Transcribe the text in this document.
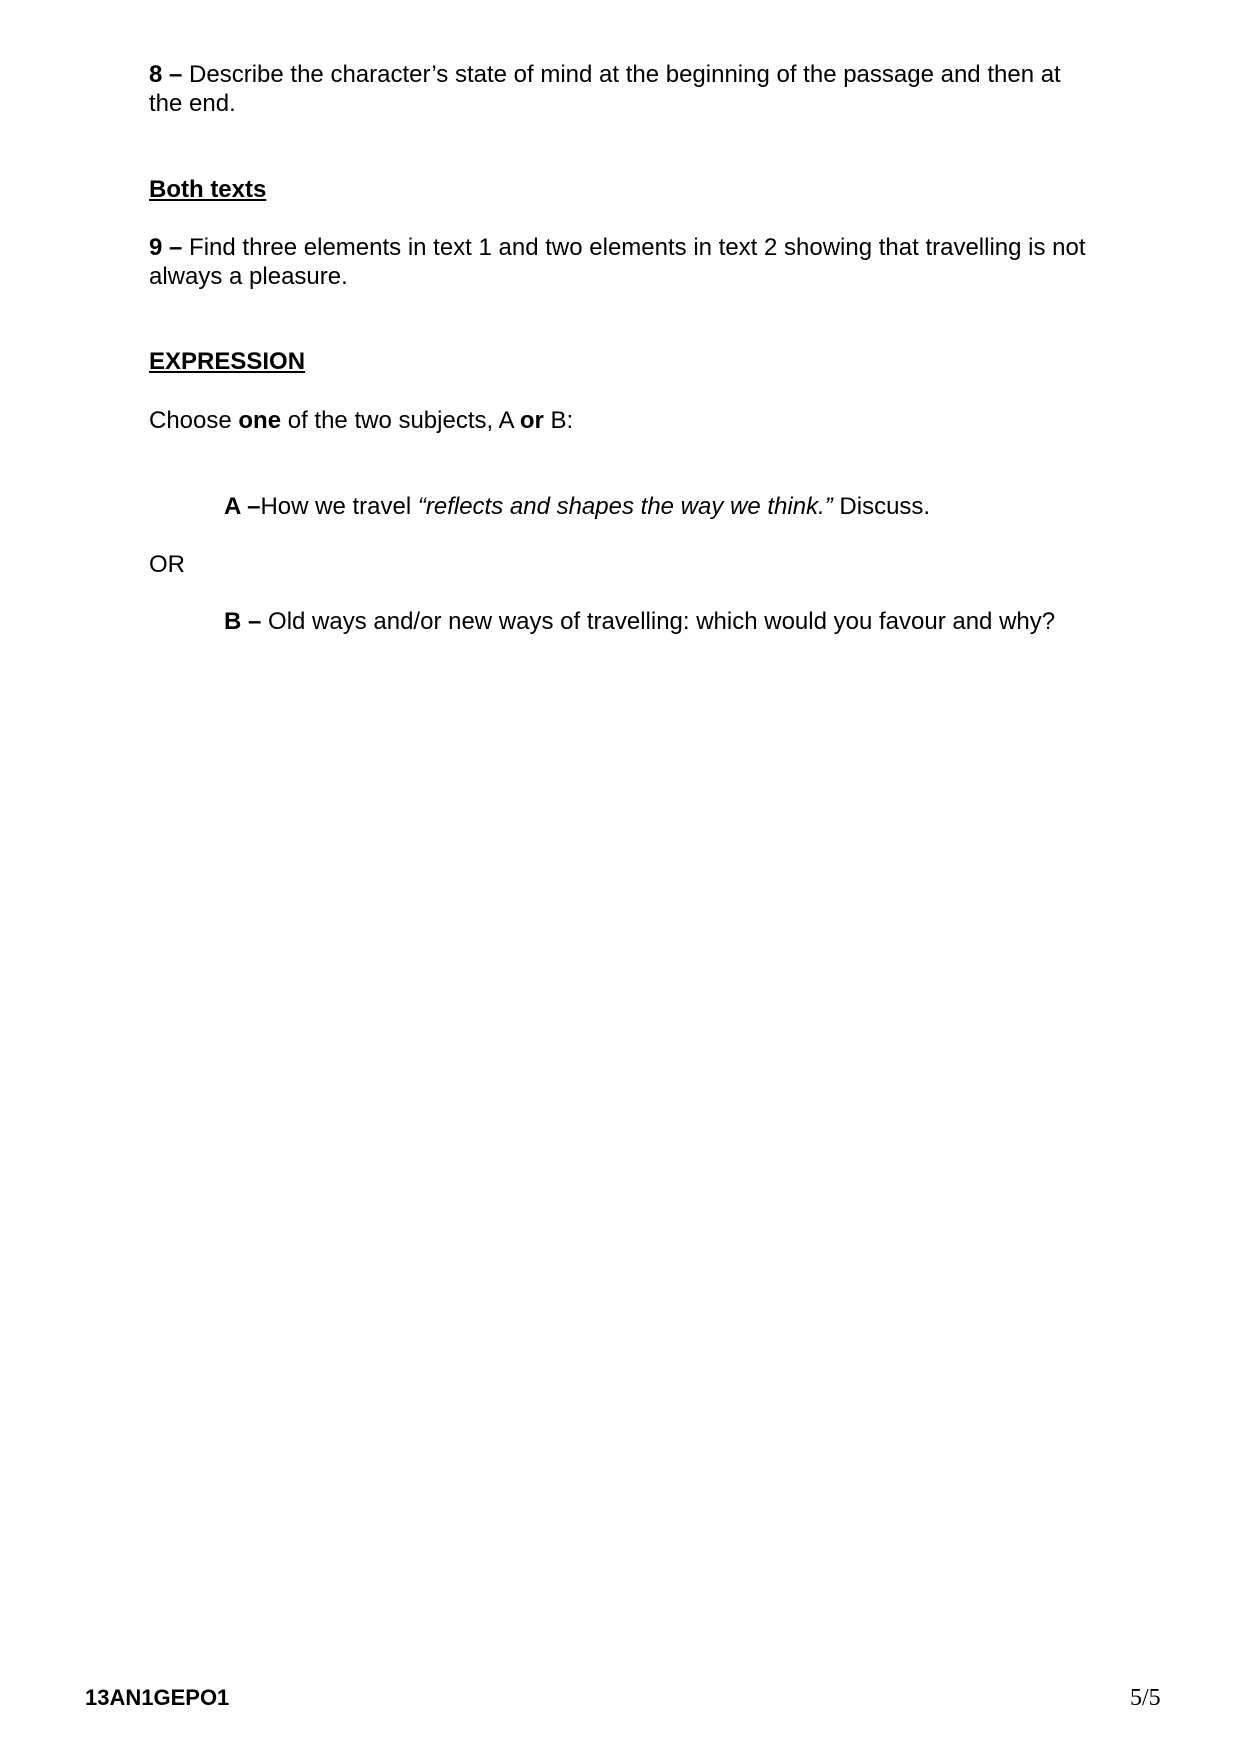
8 – Describe the character’s state of mind at the beginning of the passage and then at the end.

Both texts

9 – Find three elements in text 1 and two elements in text 2 showing that travelling is not always a pleasure.

EXPRESSION

Choose one of the two subjects, A or B:

A –How we travel “reflects and shapes the way we think.” Discuss.

OR

B – Old ways and/or new ways of travelling: which would you favour and why?

13AN1GEPO1	5/5
